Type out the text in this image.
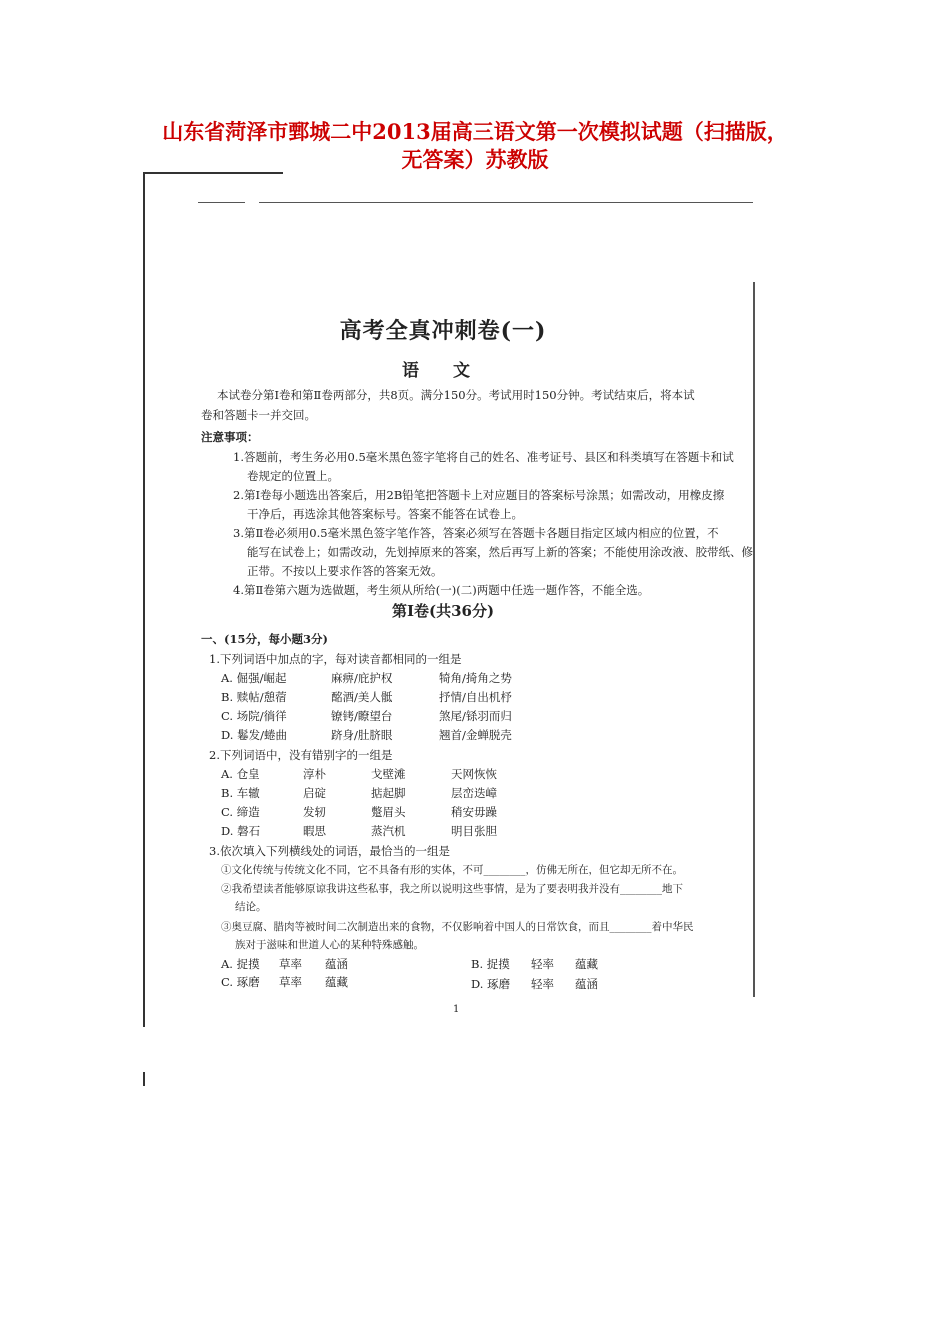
山东省菏泽市鄄城二中2013届高三语文第一次模拟试题（扫描版，
无答案）苏教版
高考全真冲刺卷(一)
语 文
本试卷分第Ⅰ卷和第Ⅱ卷两部分，共8页。满分150分。考试用时150分钟。考试结束后，将本试
卷和答题卡一并交回。
注意事项：
1.答题前，考生务必用0.5毫米黑色签字笔将自己的姓名、准考证号、县区和科类填写在答题卡和试
卷规定的位置上。
2.第Ⅰ卷每小题选出答案后，用2B铅笔把答题卡上对应题目的答案标号涂黑；如需改动，用橡皮擦
干净后，再选涂其他答案标号。答案不能答在试卷上。
3.第Ⅱ卷必须用0.5毫米黑色签字笔作答，答案必须写在答题卡各题目指定区域内相应的位置，不
能写在试卷上；如需改动，先划掉原来的答案，然后再写上新的答案；不能使用涂改液、胶带纸、修
正带。不按以上要求作答的答案无效。
4.第Ⅱ卷第六题为选做题，考生须从所给(一)(二)两题中任选一题作答，不能全选。
第Ⅰ卷(共36分)
一、(15分，每小题3分)
1.下列词语中加点的字，每对读音都相同的一组是
A. 倔强/崛起	麻痹/庇护权	犄角/掎角之势
B. 赎帖/憩蓿	酩酒/美人骶	抒情/自出机杼
C. 场院/徜徉	镣铐/瞭望台	煞尾/铩羽而归
D. 鬈发/蜷曲	跻身/肚脐眼	翘首/金蝉脱壳
2.下列词语中，没有错别字的一组是
A. 仓皇	淳朴	戈壁滩	天网恢恢
B. 车辙	启碇	掂起脚	层峦迭嶂
C. 缔造	发轫	蹩眉头	稍安毋躁
D. 磐石	暇思	蒸汽机	明目张胆
3.依次填入下列横线处的词语，最恰当的一组是
①文化传统与传统文化不同，它不具备有形的实体，不可________，仿佛无所在，但它却无所不在。
②我希望读者能够原谅我讲这些私事，我之所以说明这些事情，是为了要表明我并没有________地下
结论。
③奥豆腐、腊肉等被时间二次制造出来的食物，不仅影响着中国人的日常饮食，而且________着中华民
族对于滋味和世道人心的某种特殊感触。
A. 捉摸 草率 蕴涵	B. 捉摸 轻率 蕴藏
C. 琢磨 草率 蕴藏	D. 琢磨 轻率 蕴涵
1
